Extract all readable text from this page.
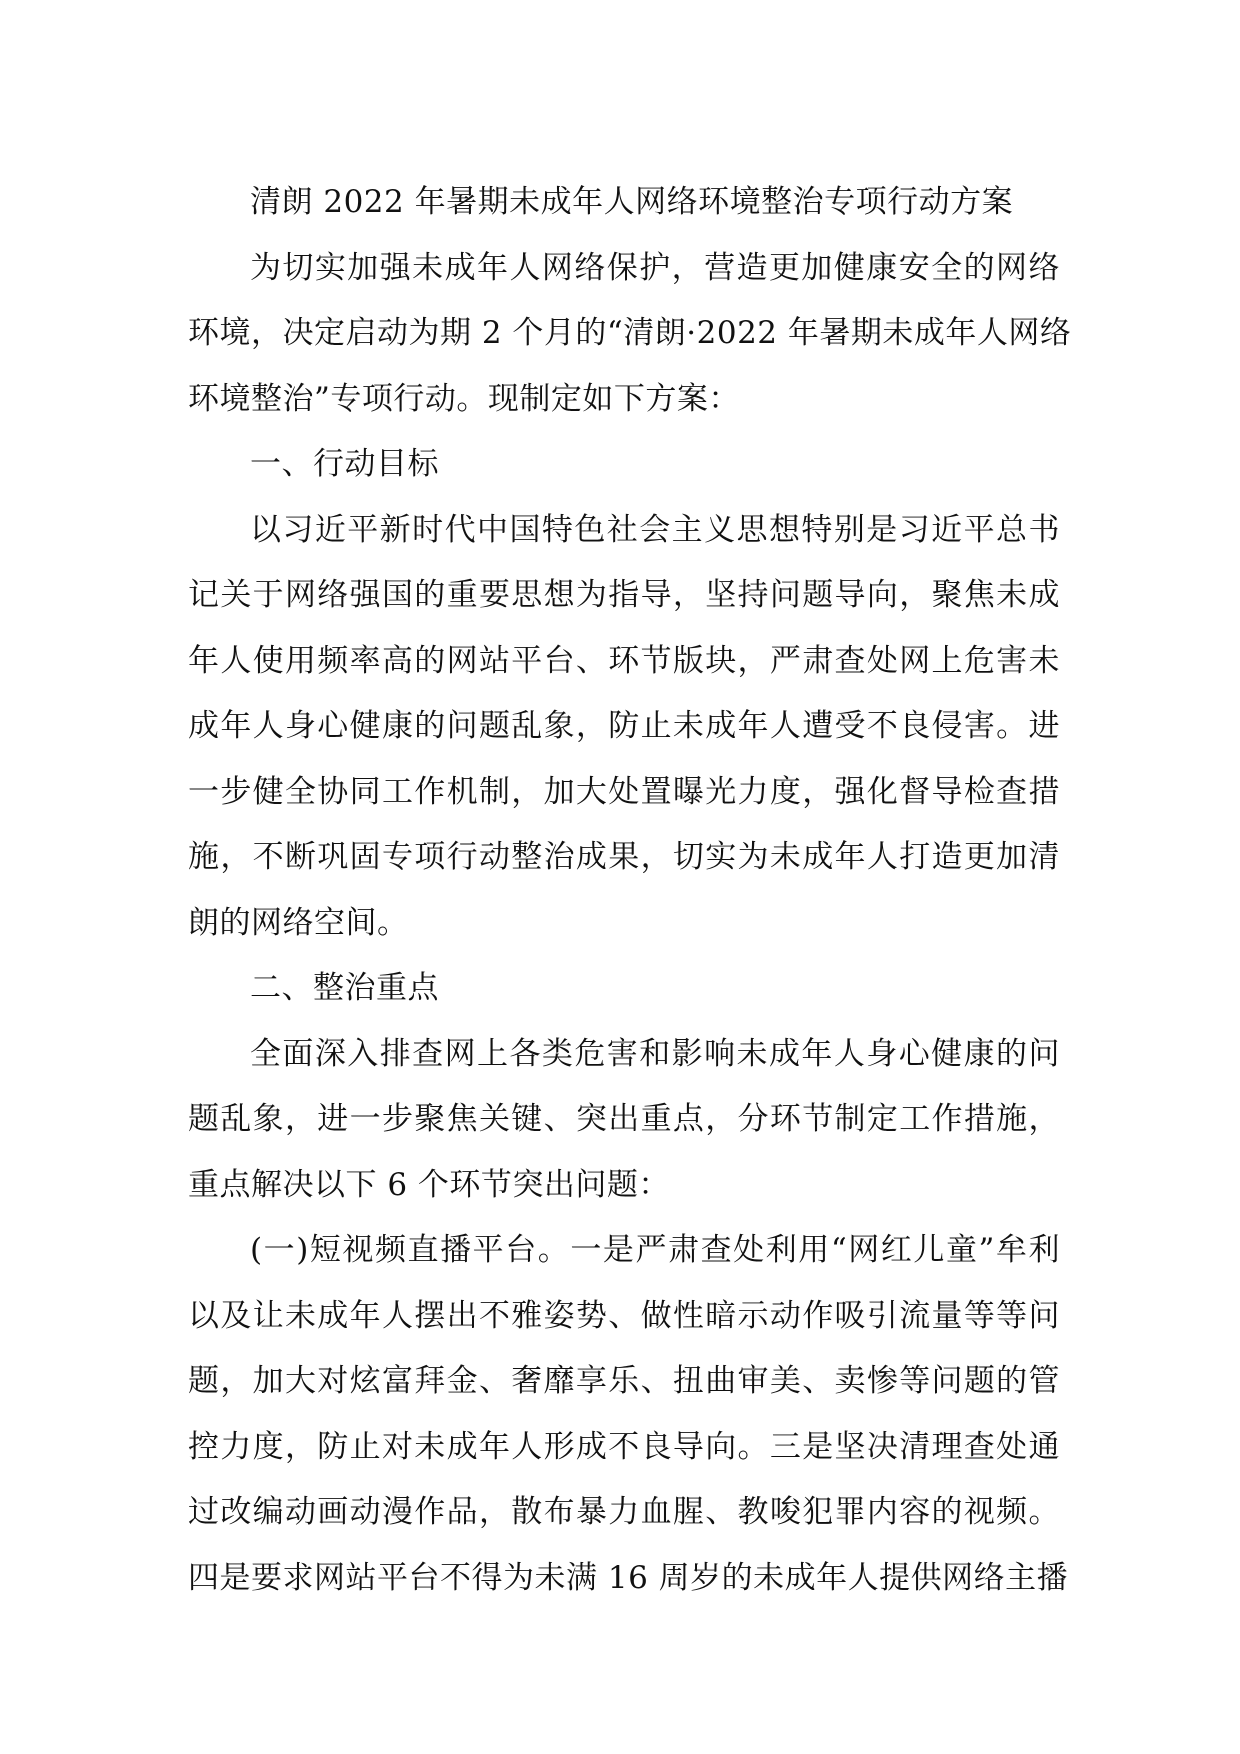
清朗 2022 年暑期未成年人网络环境整治专项行动方案
为切实加强未成年人网络保护，营造更加健康安全的网络
环境，决定启动为期 2 个月的“清朗·2022 年暑期未成年人网络
环境整治”专项行动。现制定如下方案：
一、行动目标
以习近平新时代中国特色社会主义思想特别是习近平总书
记关于网络强国的重要思想为指导，坚持问题导向，聚焦未成
年人使用频率高的网站平台、环节版块，严肃查处网上危害未
成年人身心健康的问题乱象，防止未成年人遭受不良侵害。进
一步健全协同工作机制，加大处置曝光力度，强化督导检查措
施，不断巩固专项行动整治成果，切实为未成年人打造更加清
朗的网络空间。
二、整治重点
全面深入排查网上各类危害和影响未成年人身心健康的问
题乱象，进一步聚焦关键、突出重点，分环节制定工作措施，
重点解决以下 6 个环节突出问题：
(一)短视频直播平台。一是严肃查处利用“网红儿童”牟利
以及让未成年人摆出不雅姿势、做性暗示动作吸引流量等等问
题，加大对炫富拜金、奢靡享乐、扭曲审美、卖惨等问题的管
控力度，防止对未成年人形成不良导向。三是坚决清理查处通
过改编动画动漫作品，散布暴力血腥、教唆犯罪内容的视频。
四是要求网站平台不得为未满 16 周岁的未成年人提供网络主播
